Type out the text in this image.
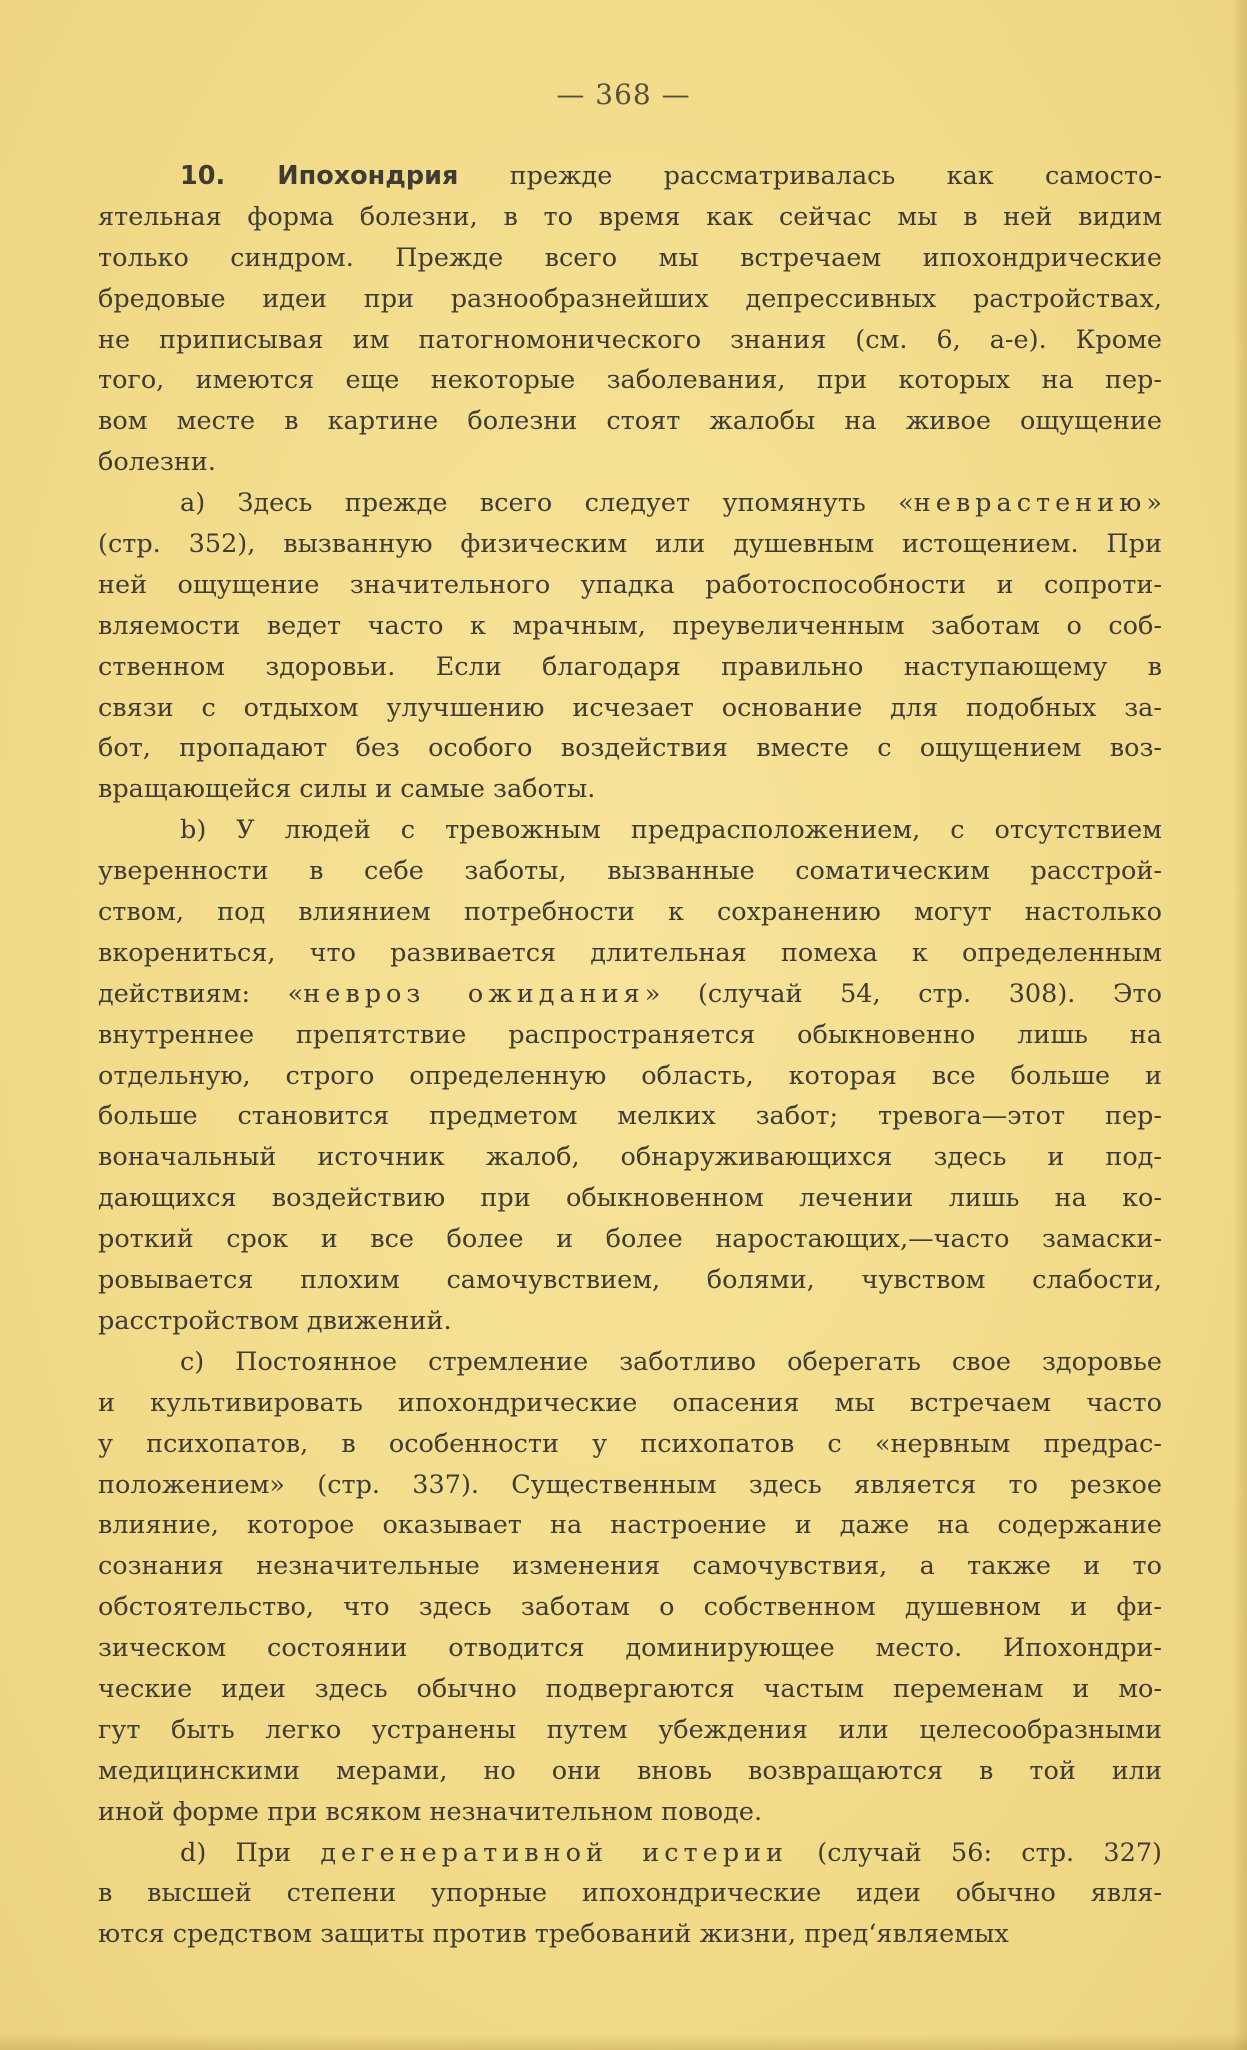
— 368 —
10. Ипохондрия прежде рассматривалась как самосто-
ятельная форма болезни, в то время как сейчас мы в ней видим
только синдром. Прежде всего мы встречаем ипохондрические
бредовые идеи при разнообразнейших депрессивных растройствах,
не приписывая им патогномонического знания (см. 6, а-е). Кроме
того, имеются еще некоторые заболевания, при которых на пер-
вом месте в картине болезни стоят жалобы на живое ощущение
болезни.
а) Здесь прежде всего следует упомянуть «неврастению»
(стр. 352), вызванную физическим или душевным истощением. При
ней ощущение значительного упадка работоспособности и сопроти-
вляемости ведет часто к мрачным, преувеличенным заботам о соб-
ственном здоровьи. Если благодаря правильно наступающему в
связи с отдыхом улучшению исчезает основание для подобных за-
бот, пропадают без особого воздействия вместе с ощущением воз-
вращающейся силы и самые заботы.
b) У людей с тревожным предрасположением, с отсутствием
уверенности в себе заботы, вызванные соматическим расстрой-
ством, под влиянием потребности к сохранению могут настолько
вкорениться, что развивается длительная помеха к определенным
действиям: «невроз ожидания» (случай 54, стр. 308). Это
внутреннее препятствие распространяется обыкновенно лишь на
отдельную, строго определенную область, которая все больше и
больше становится предметом мелких забот; тревога—этот пер-
воначальный источник жалоб, обнаруживающихся здесь и под-
дающихся воздействию при обыкновенном лечении лишь на ко-
роткий срок и все более и более наростающих,—часто замаски-
ровывается плохим самочувствием, болями, чувством слабости,
расстройством движений.
с) Постоянное стремление заботливо оберегать свое здоровье
и культивировать ипохондрические опасения мы встречаем часто
у психопатов, в особенности у психопатов с «нервным предрас-
положением» (стр. 337). Существенным здесь является то резкое
влияние, которое оказывает на настроение и даже на содержание
сознания незначительные изменения самочувствия, а также и то
обстоятельство, что здесь заботам о собственном душевном и фи-
зическом состоянии отводится доминирующее место. Ипохондри-
ческие идеи здесь обычно подвергаются частым переменам и мо-
гут быть легко устранены путем убеждения или целесообразными
медицинскими мерами, но они вновь возвращаются в той или
иной форме при всяком незначительном поводе.
d) При дегенеративной истерии (случай 56: стр. 327)
в высшей степени упорные ипохондрические идеи обычно явля-
ются средством защиты против требований жизни, пред‘являемых
